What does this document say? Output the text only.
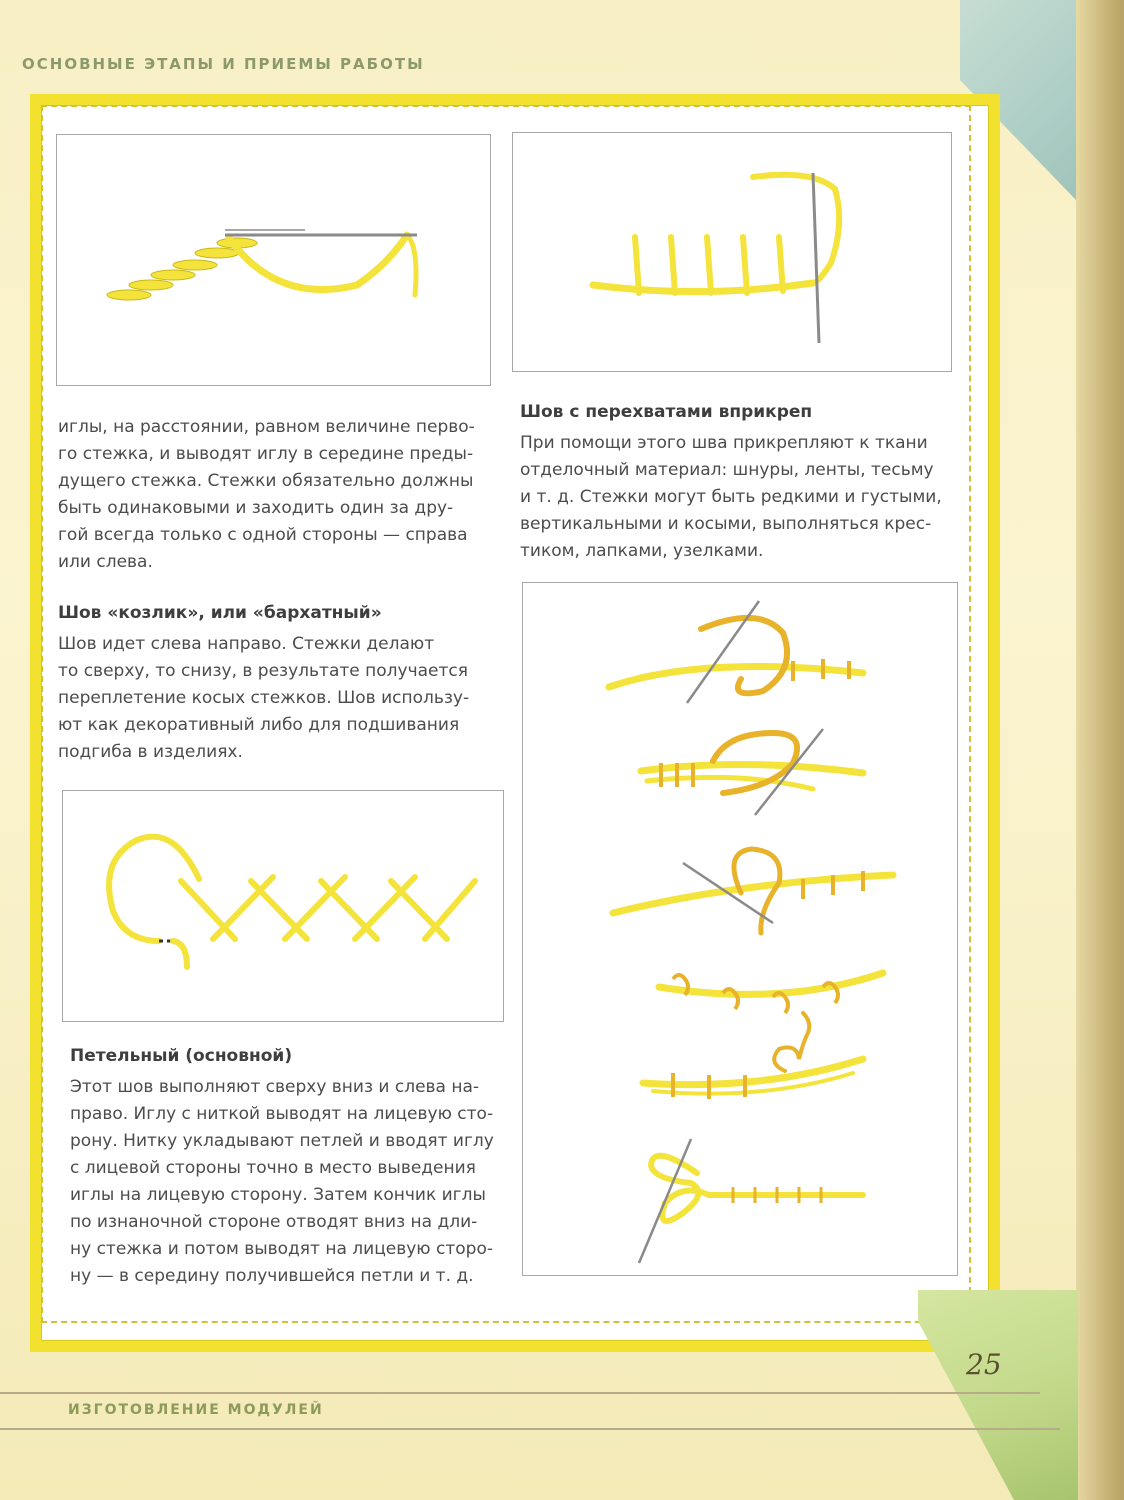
ОСНОВНЫЕ ЭТАПЫ И ПРИЕМЫ РАБОТЫ
иглы, на расстоянии, равном величине перво-
го стежка, и выводят иглу в середине преды-
дущего стежка. Стежки обязательно должны
быть одинаковыми и заходить один за дру-
гой всегда только с одной стороны — справа
или слева.
Шов «козлик», или «бархатный»
Шов идет слева направо. Стежки делают
то сверху, то снизу, в результате получается
переплетение косых стежков. Шов использу-
ют как декоративный либо для подшивания
подгиба в изделиях.
Петельный (основной)
Этот шов выполняют сверху вниз и слева на-
право. Иглу с ниткой выводят на лицевую сто-
рону. Нитку укладывают петлей и вводят иглу
с лицевой стороны точно в место выведения
иглы на лицевую сторону. Затем кончик иглы
по изнаночной стороне отводят вниз на дли-
ну стежка и потом выводят на лицевую сторо-
ну — в середину получившейся петли и т. д.
Шов с перехватами вприкреп
При помощи этого шва прикрепляют к ткани
отделочный материал: шнуры, ленты, тесьму
и т. д. Стежки могут быть редкими и густыми,
вертикальными и косыми, выполняться крес-
тиком, лапками, узелками.
25
ИЗГОТОВЛЕНИЕ МОДУЛЕЙ
